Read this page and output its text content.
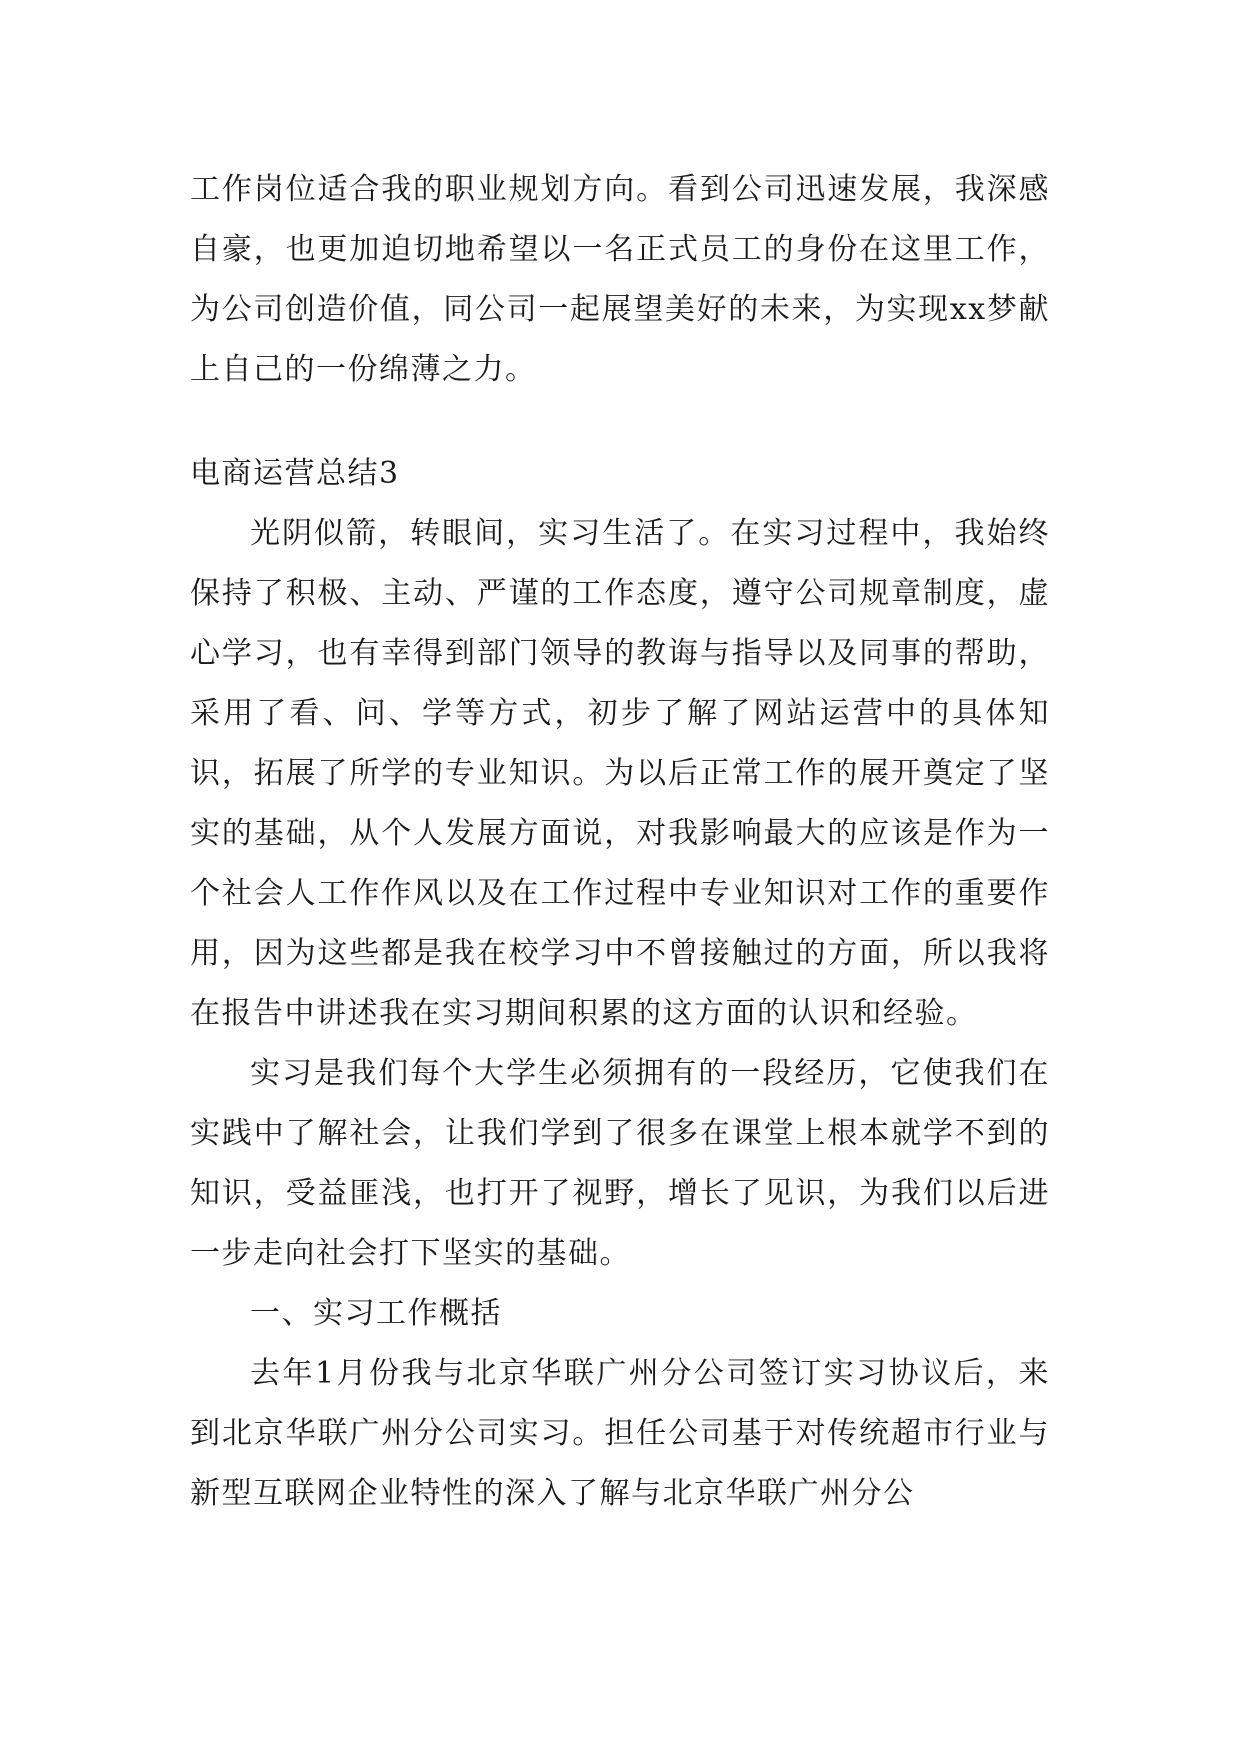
工作岗位适合我的职业规划方向。看到公司迅速发展，我深感自豪，也更加迫切地希望以一名正式员工的身份在这里工作，为公司创造价值，同公司一起展望美好的未来，为实现xx梦献上自己的一份绵薄之力。

电商运营总结3

光阴似箭，转眼间，实习生活了。在实习过程中，我始终保持了积极、主动、严谨的工作态度，遵守公司规章制度，虚心学习，也有幸得到部门领导的教诲与指导以及同事的帮助，采用了看、问、学等方式，初步了解了网站运营中的具体知识，拓展了所学的专业知识。为以后正常工作的展开奠定了坚实的基础，从个人发展方面说，对我影响最大的应该是作为一个社会人工作作风以及在工作过程中专业知识对工作的重要作用，因为这些都是我在校学习中不曾接触过的方面，所以我将在报告中讲述我在实习期间积累的这方面的认识和经验。

实习是我们每个大学生必须拥有的一段经历，它使我们在实践中了解社会，让我们学到了很多在课堂上根本就学不到的知识，受益匪浅，也打开了视野，增长了见识，为我们以后进一步走向社会打下坚实的基础。

一、实习工作概括

去年1月份我与北京华联广州分公司签订实习协议后，来到北京华联广州分公司实习。担任公司基于对传统超市行业与新型互联网企业特性的深入了解与北京华联广州分公
